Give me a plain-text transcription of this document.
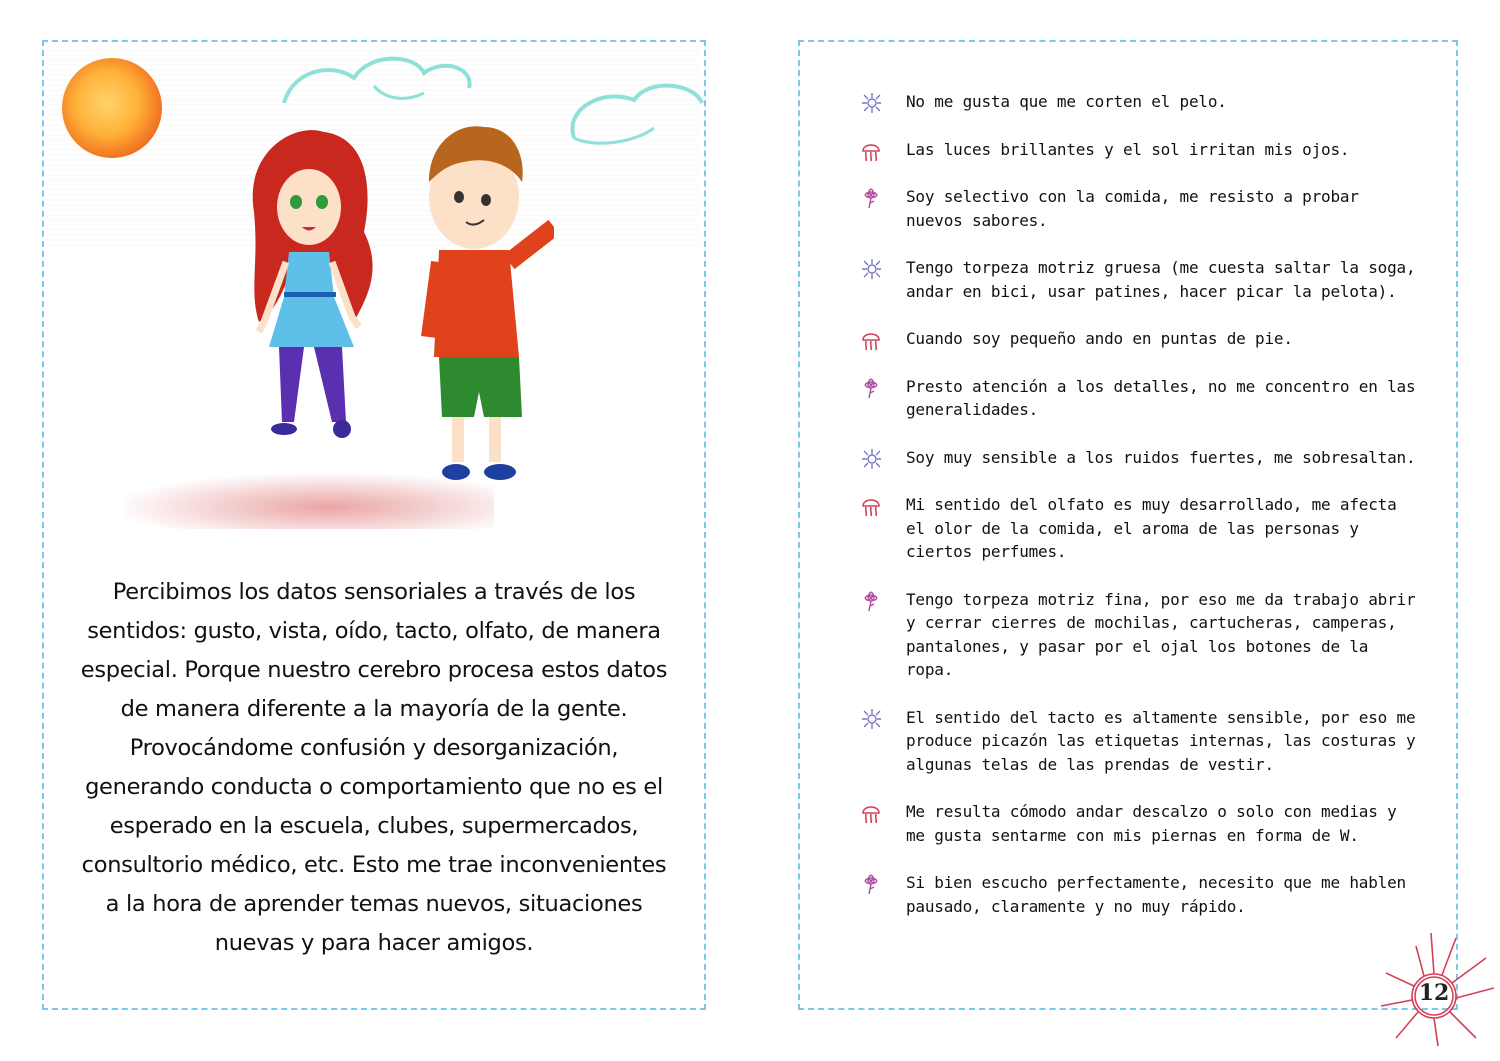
Percibimos los datos sensoriales a través de los sentidos: gusto, vista, oído, tacto, olfato, de manera especial. Porque nuestro cerebro procesa estos datos de manera diferente a la mayoría de la gente. Provocándome confusión y desorganización, generando conducta o comportamiento que no es el esperado en la escuela, clubes, supermercados, consultorio médico, etc. Esto me trae inconvenientes a la hora de aprender temas nuevos, situaciones nuevas y para hacer amigos.

No me gusta que me corten el pelo.
Las luces brillantes y el sol irritan mis ojos.
Soy selectivo con la comida, me resisto a probar nuevos sabores.
Tengo torpeza motriz gruesa (me cuesta saltar la soga, andar en bici, usar patines, hacer picar la pelota).
Cuando soy pequeño ando en puntas de pie.
Presto atención a los detalles, no me concentro en las generalidades.
Soy muy sensible a los ruidos fuertes, me sobresaltan.
Mi sentido del olfato es muy desarrollado, me afecta el olor de la comida, el aroma de las personas y ciertos perfumes.
Tengo torpeza motriz fina, por eso me da trabajo abrir y cerrar cierres de mochilas, cartucheras, camperas, pantalones, y pasar por el ojal los botones de la ropa.
El sentido del tacto es altamente sensible, por eso me produce picazón las etiquetas internas, las costuras y algunas telas de las prendas de vestir.
Me resulta cómodo andar descalzo o solo con medias y me gusta sentarme con mis piernas en forma de W.
Si bien escucho perfectamente, necesito que me hablen pausado, claramente y no muy rápido.
12
